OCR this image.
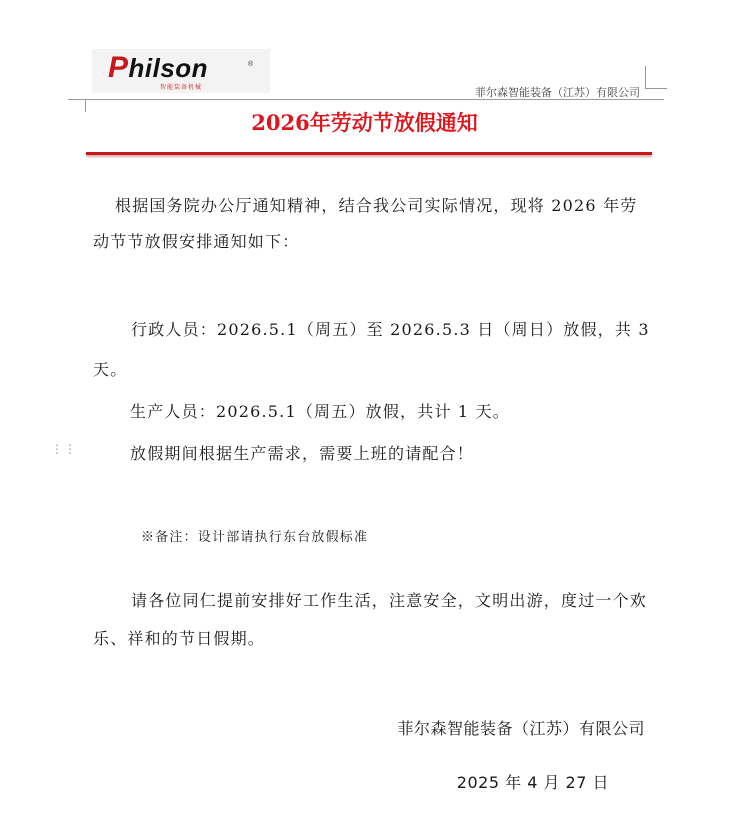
Philson	®
智能装备机械	菲尔森智能装备（江苏）有限公司
2026年劳动节放假通知
根据国务院办公厅通知精神，结合我公司实际情况，现将 2026 年劳动节节放假安排通知如下：
行政人员：2026.5.1（周五）至 2026.5.3 日（周日）放假，共 3 天。
生产人员：2026.5.1（周五）放假，共计 1 天。
⋮⋮	放假期间根据生产需求，需要上班的请配合！
※备注：设计部请执行东台放假标准
请各位同仁提前安排好工作生活，注意安全，文明出游，度过一个欢乐、祥和的节日假期。
菲尔森智能装备（江苏）有限公司
2025 年 4 月 27 日
